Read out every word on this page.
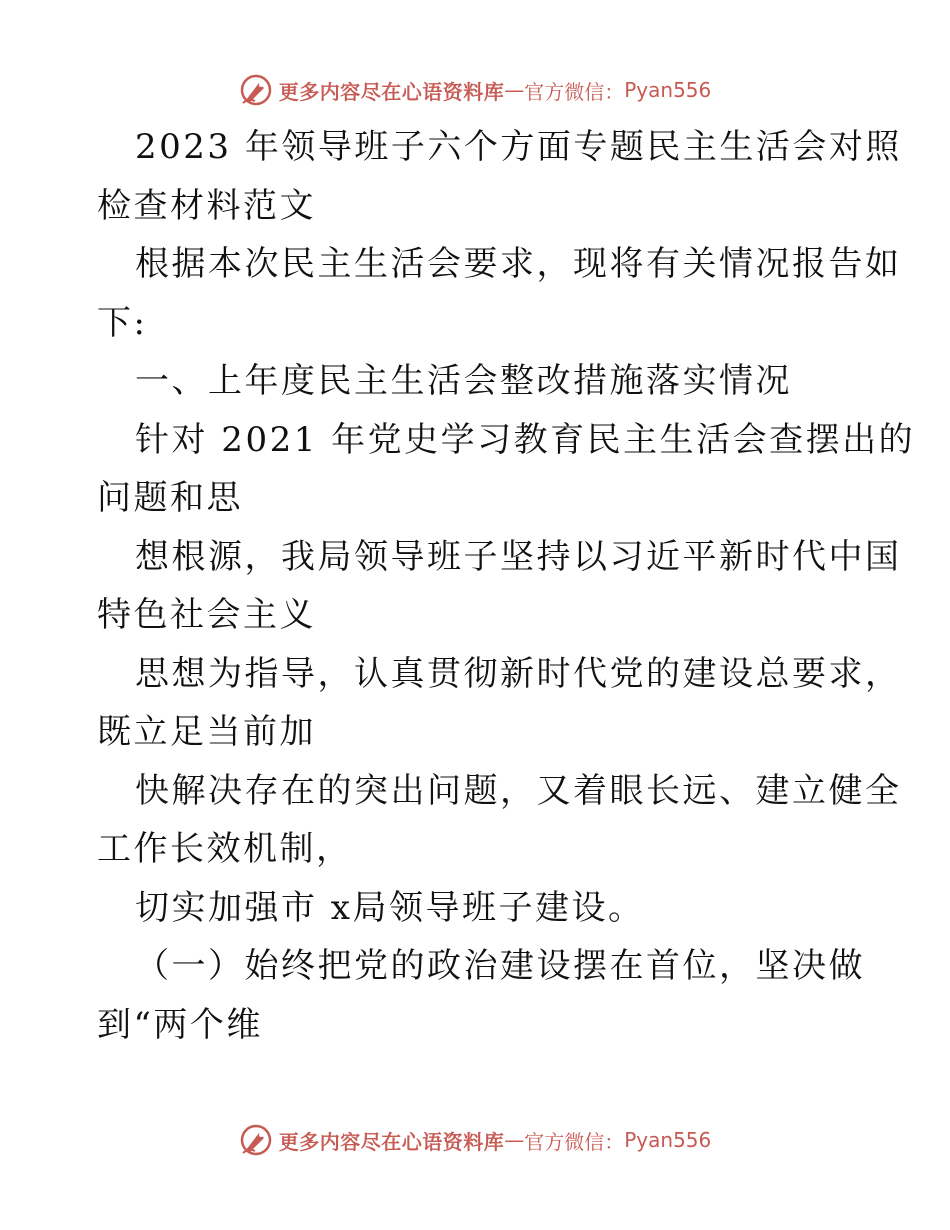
更多内容尽在心语资料库 — 官方微信： Pyan556
2023 年领导班子六个方面专题民主生活会对照
检查材料范文
根据本次民主生活会要求，现将有关情况报告如
下:
一、上年度民主生活会整改措施落实情况
针对 2021 年党史学习教育民主生活会查摆出的
问题和思
想根源，我局领导班子坚持以习近平新时代中国
特色社会主义
思想为指导，认真贯彻新时代党的建设总要求，
既立足当前加
快解决存在的突出问题，又着眼长远、建立健全
工作长效机制，
切实加强市 x局领导班子建设。
（一）始终把党的政治建设摆在首位，坚决做
到“两个维
更多内容尽在心语资料库 — 官方微信： Pyan556
